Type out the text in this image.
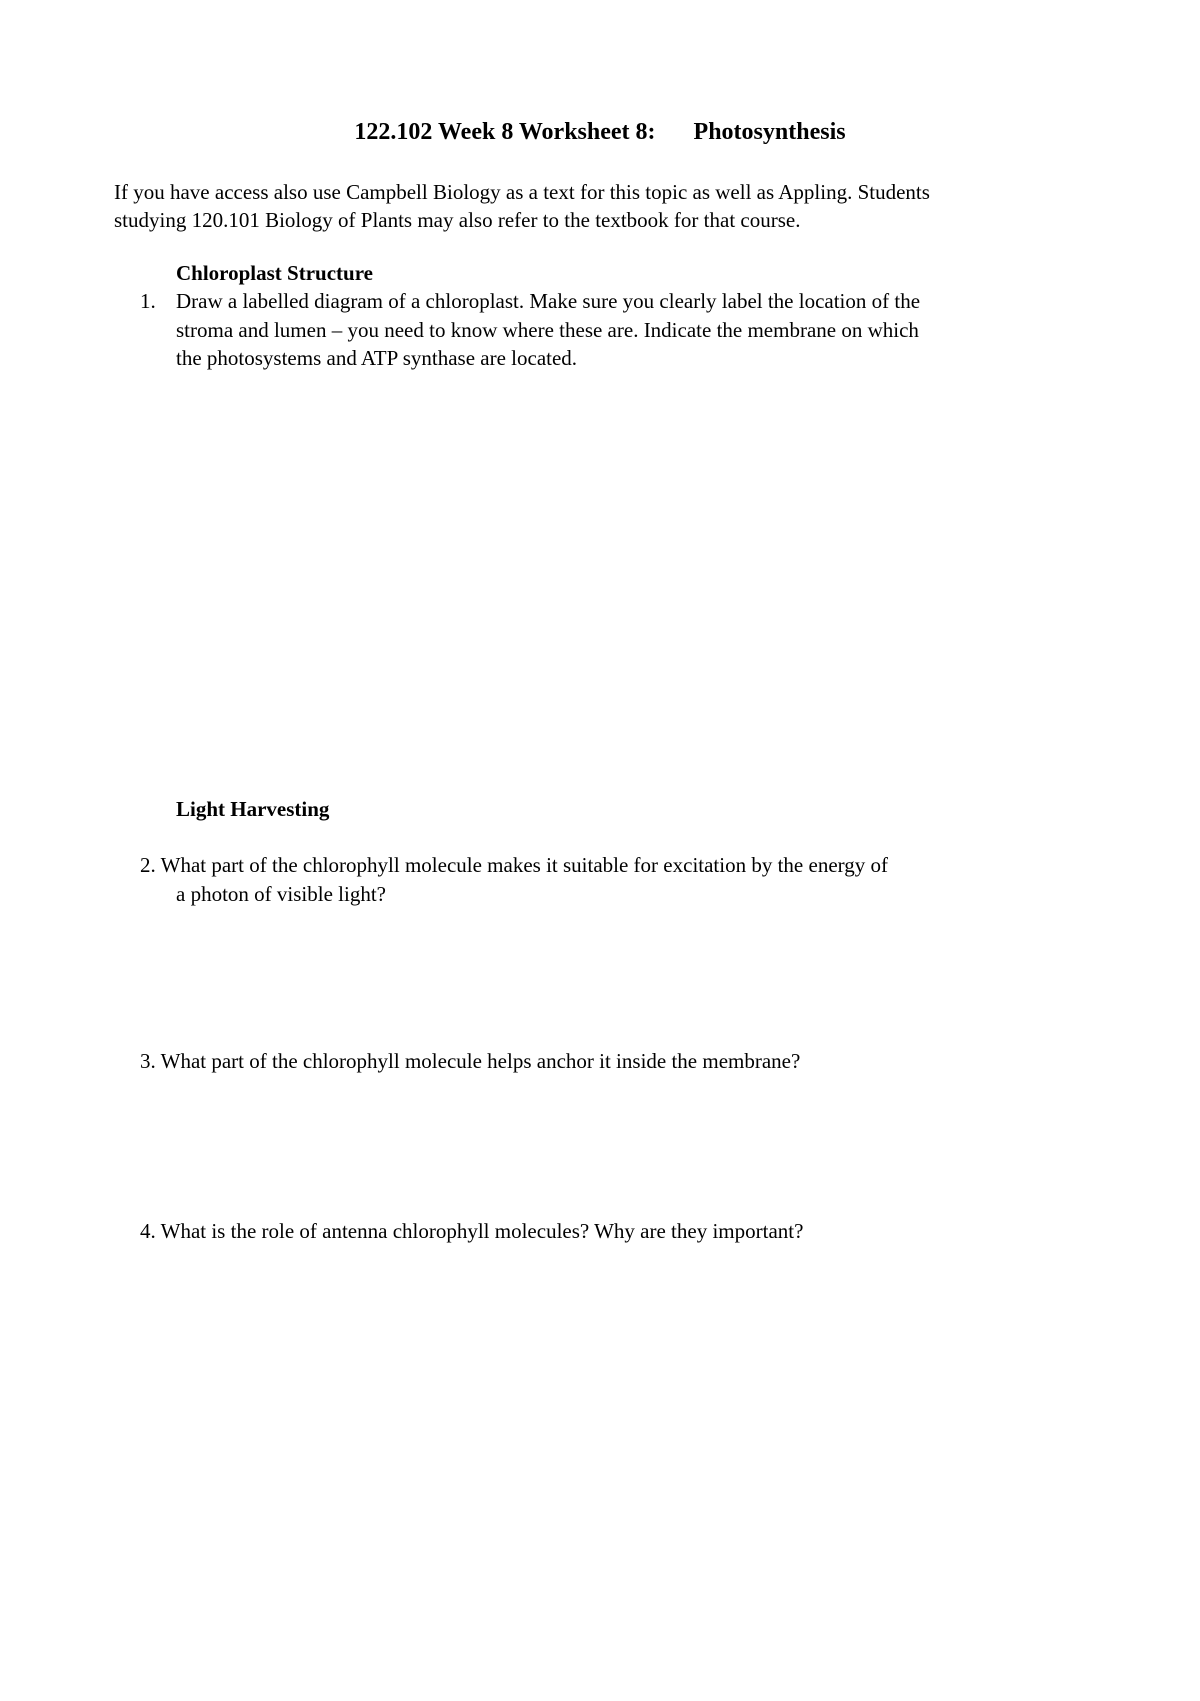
122.102 Week 8 Worksheet 8: Photosynthesis
If you have access also use Campbell Biology as a text for this topic as well as Appling. Students
studying 120.101 Biology of Plants may also refer to the textbook for that course.
Chloroplast Structure
1. Draw a labelled diagram of a chloroplast. Make sure you clearly label the location of the
stroma and lumen – you need to know where these are. Indicate the membrane on which
the photosystems and ATP synthase are located.
Light Harvesting
2. What part of the chlorophyll molecule makes it suitable for excitation by the energy of
a photon of visible light?
3. What part of the chlorophyll molecule helps anchor it inside the membrane?
4. What is the role of antenna chlorophyll molecules? Why are they important?
